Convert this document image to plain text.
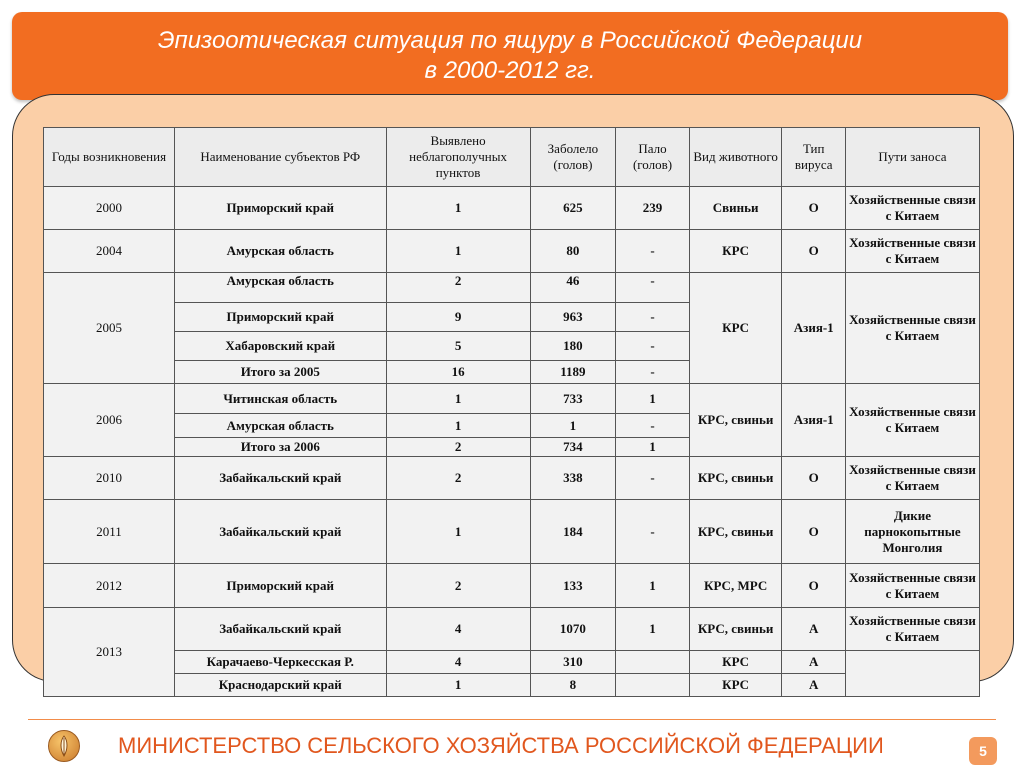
Эпизоотическая ситуация по ящуру в Российской Федерации
в 2000-2012 гг.
Годы возникновения	Наименование субъектов РФ	Выявлено неблагополучных пунктов	Заболело (голов)	Пало (голов)	Вид животного	Тип вируса	Пути заноса
2000	Приморский край	1	625	239	Свиньи	О	Хозяйственные связи с Китаем
2004	Амурская область	1	80	-	КРС	О	Хозяйственные связи с Китаем
2005	Амурская область	2	46	-	КРС	Азия-1	Хозяйственные связи с Китаем
	Приморский край	9	963	-			
	Хабаровский край	5	180	-			
	Итого за 2005	16	1189	-			
2006	Читинская область	1	733	1	КРС, свиньи	Азия-1	Хозяйственные связи с Китаем
	Амурская область	1	1	-			
	Итого за 2006	2	734	1			
2010	Забайкальский край	2	338	-	КРС, свиньи	О	Хозяйственные связи с Китаем
2011	Забайкальский край	1	184	-	КРС, свиньи	О	Дикие парнокопытные Монголия
2012	Приморский край	2	133	1	КРС, МРС	О	Хозяйственные связи с Китаем
2013	Забайкальский край	4	1070	1	КРС, свиньи	А	Хозяйственные связи с Китаем
	Карачаево-Черкесская Р.	4	310		КРС	А	
	Краснодарский край	1	8		КРС	А	
МИНИСТЕРСТВО СЕЛЬСКОГО ХОЗЯЙСТВА РОССИЙСКОЙ ФЕДЕРАЦИИ	5
